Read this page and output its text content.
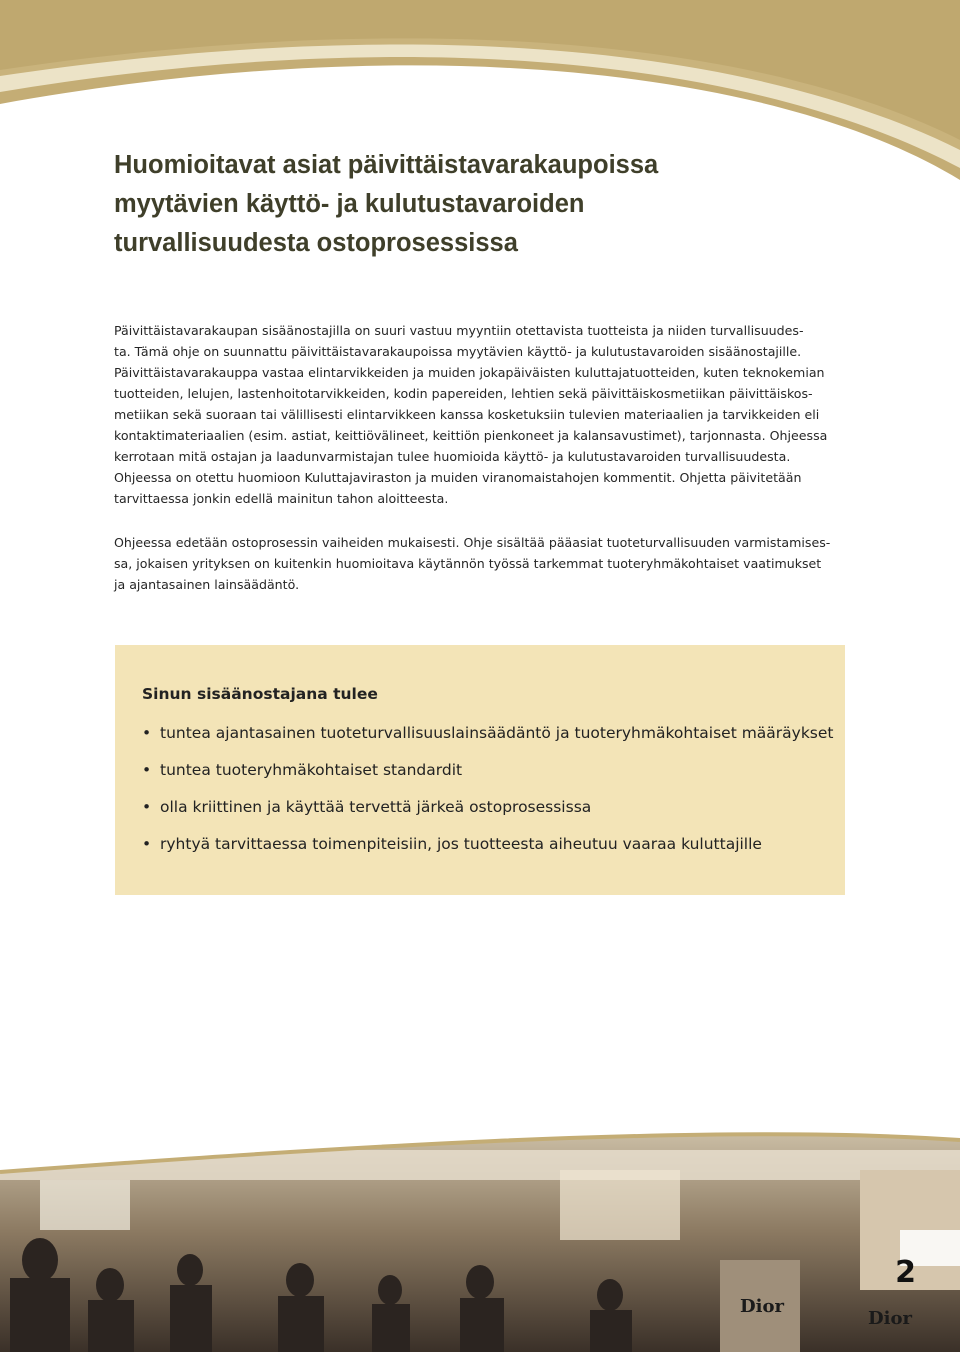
Huomioitavat asiat päivittäistavarakaupoissa
myytävien käyttö- ja kulutustavaroiden
turvallisuudesta ostoprosessissa

Päivittäistavarakaupan sisäänostajilla on suuri vastuu myyntiin otettavista tuotteista ja niiden turvallisuudes-
ta. Tämä ohje on suunnattu päivittäistavarakaupoissa myytävien käyttö- ja kulutustavaroiden sisäänostajille.
Päivittäistavarakauppa vastaa elintarvikkeiden ja muiden jokapäiväisten kuluttajatuotteiden, kuten teknokemian
tuotteiden, lelujen, lastenhoitotarvikkeiden, kodin papereiden, lehtien sekä päivittäiskosmetiikan päivittäiskos-
metiikan sekä suoraan tai välillisesti elintarvikkeen kanssa kosketuksiin tulevien materiaalien ja tarvikkeiden eli
kontaktimateriaalien (esim. astiat, keittiövälineet, keittiön pienkoneet ja kalansavustimet), tarjonnasta. Ohjeessa
kerrotaan mitä ostajan ja laadunvarmistajan tulee huomioida käyttö- ja kulutustavaroiden turvallisuudesta.
Ohjeessa on otettu huomioon Kuluttajaviraston ja muiden viranomaistahojen kommentit. Ohjetta päivitetään
tarvittaessa jonkin edellä mainitun tahon aloitteesta.

Ohjeessa edetään ostoprosessin vaiheiden mukaisesti. Ohje sisältää pääasiat tuoteturvallisuuden varmistamises-
sa, jokaisen yrityksen on kuitenkin huomioitava käytännön työssä tarkemmat tuoteryhmäkohtaiset vaatimukset
ja ajantasainen lainsäädäntö.

Sinun sisäänostajana tulee
• tuntea ajantasainen tuoteturvallisuuslainsäädäntö ja tuoteryhmäkohtaiset määräykset
• tuntea tuoteryhmäkohtaiset standardit
• olla kriittinen ja käyttää tervettä järkeä ostoprosessissa
• ryhtyä tarvittaessa toimenpiteisiin, jos tuotteesta aiheutuu vaaraa kuluttajille
Dior
Dior
2
